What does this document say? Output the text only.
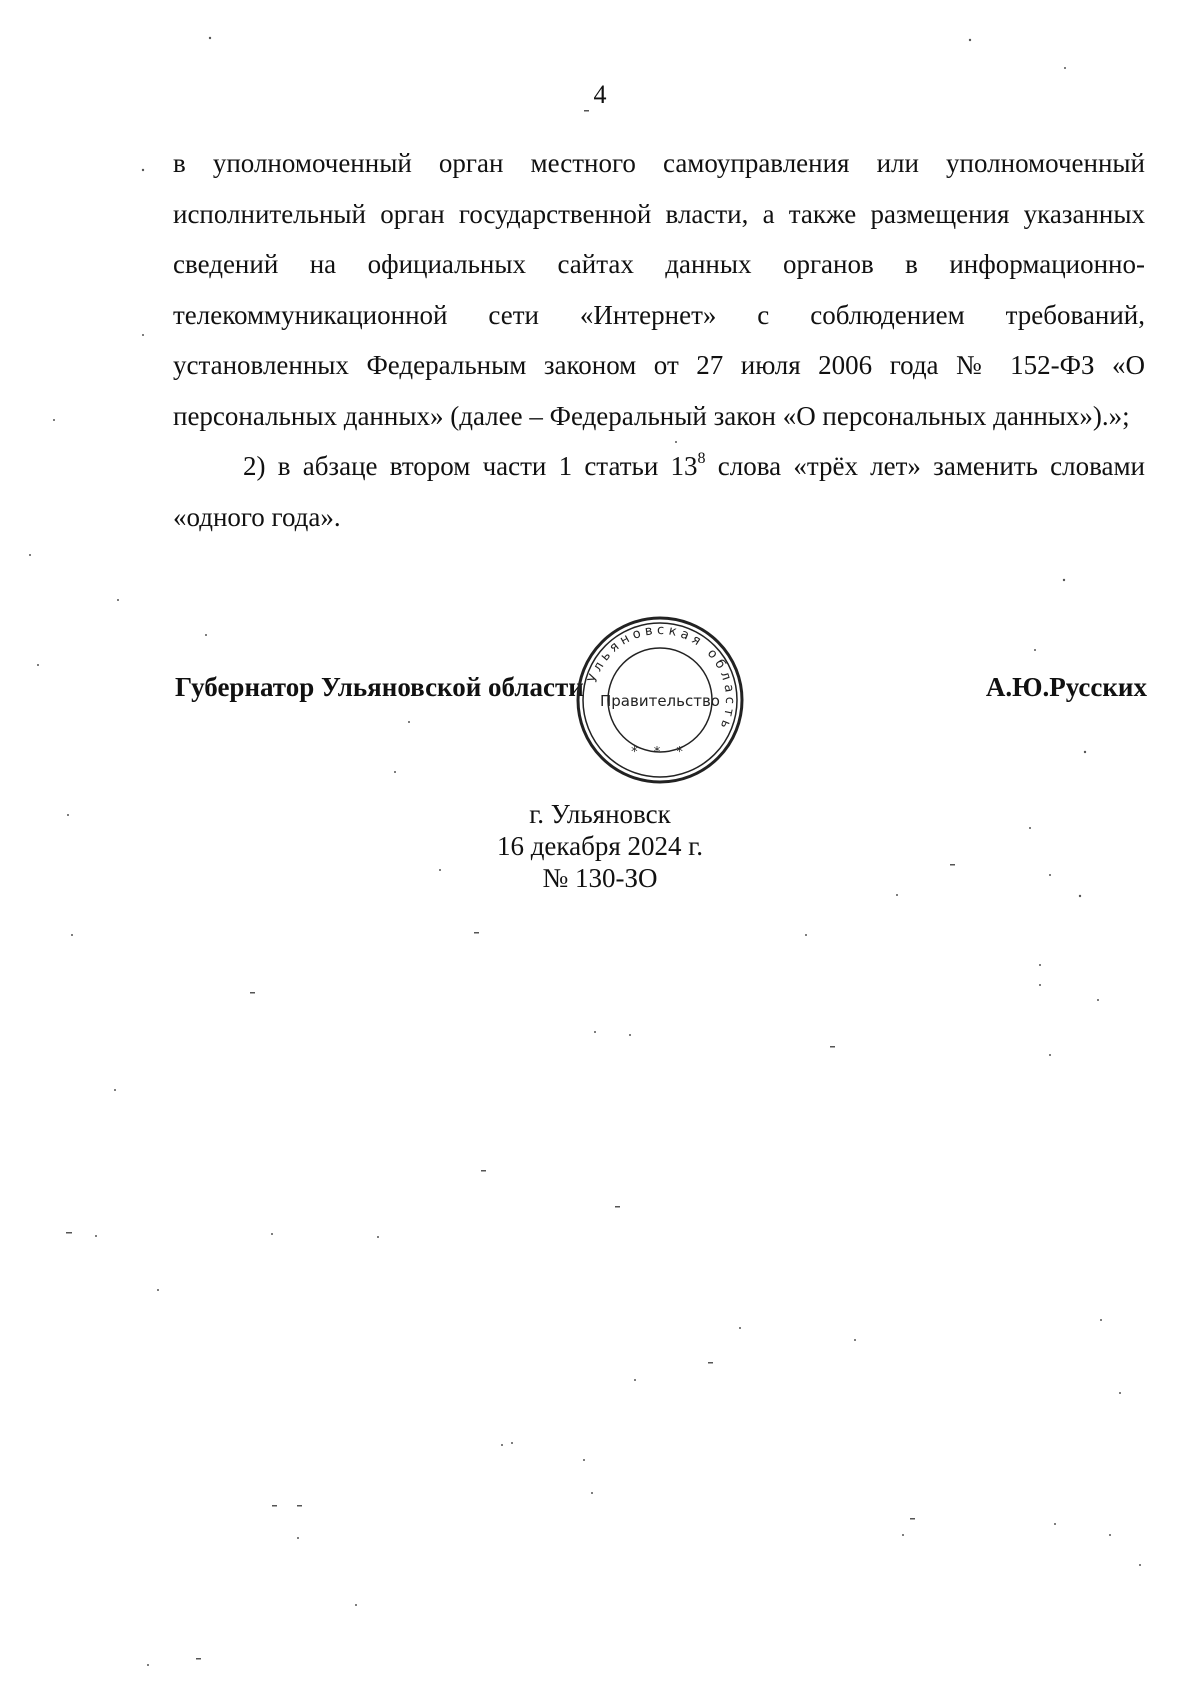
4

в уполномоченный орган местного самоуправления или уполномоченный исполнительный орган государственной власти, а также размещения указанных сведений на официальных сайтах данных органов в информационно-телекоммуникационной сети «Интернет» с соблюдением требований, установленных Федеральным законом от 27 июля 2006 года № 152-ФЗ «О персональных данных» (далее – Федеральный закон «О персональных данных»).»;

2) в абзаце втором части 1 статьи $13^8$ слова «трёх лет» заменить словами «одного года».

Губернатор Ульяновской области	А.Ю.Русских
Ульяновская область
Правительство
* * *
г. Ульяновск
16 декабря 2024 г.
№ 130-ЗО
